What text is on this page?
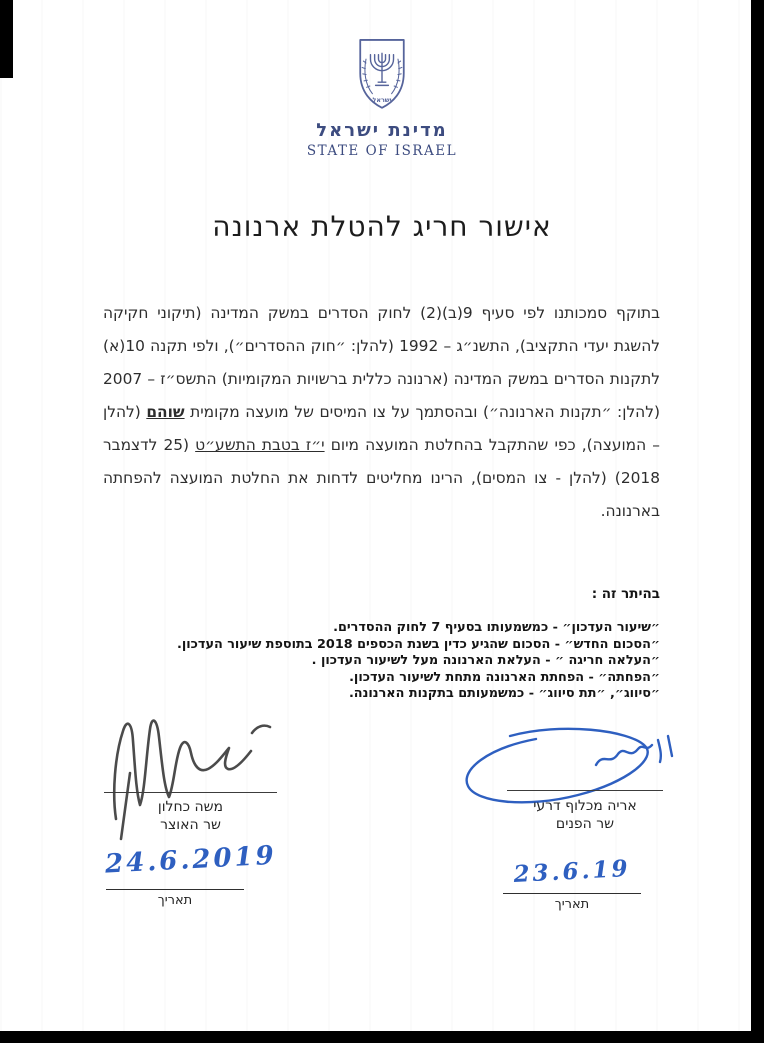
ישראל
מדינת ישראל
STATE OF ISRAEL
אישור חריג להטלת ארנונה

בתוקף סמכותנו לפי סעיף 9(ב)(2) לחוק הסדרים במשק המדינה (תיקוני חקיקה להשגת יעדי התקציב), התשנ״ג – 1992 (להלן: ״חוק ההסדרים״), ולפי תקנה 10(א) לתקנות הסדרים במשק המדינה (ארנונה כללית ברשויות המקומיות) התשס״ז – 2007 (להלן: ״תקנות הארנונה״) ובהסתמך על צו המיסים של מועצה מקומית שוהם (להלן – המועצה), כפי שהתקבל בהחלטת המועצה מיום י״ז בטבת התשע״ט (25 לדצמבר 2018) (להלן - צו המסים), הרינו מחליטים לדחות את החלטת המועצה להפחתה בארנונה.

בהיתר זה :
״שיעור העדכון״ - כמשמעותו בסעיף 7 לחוק ההסדרים.
״הסכום החדש״ - הסכום שהגיע כדין בשנת הכספים 2018 בתוספת שיעור העדכון.
״העלאה חריגה ״ - העלאת הארנונה מעל לשיעור העדכון .
״הפחתה״ - הפחתת הארנונה מתחת לשיעור העדכון.
״סיווג״, ״תת סיווג״ - כמשמעותם בתקנות הארנונה.
משה כחלון
שר האוצר
אריה מכלוף דרעי
שר הפנים
24.6.2019
תאריך
23.6.19
תאריך
